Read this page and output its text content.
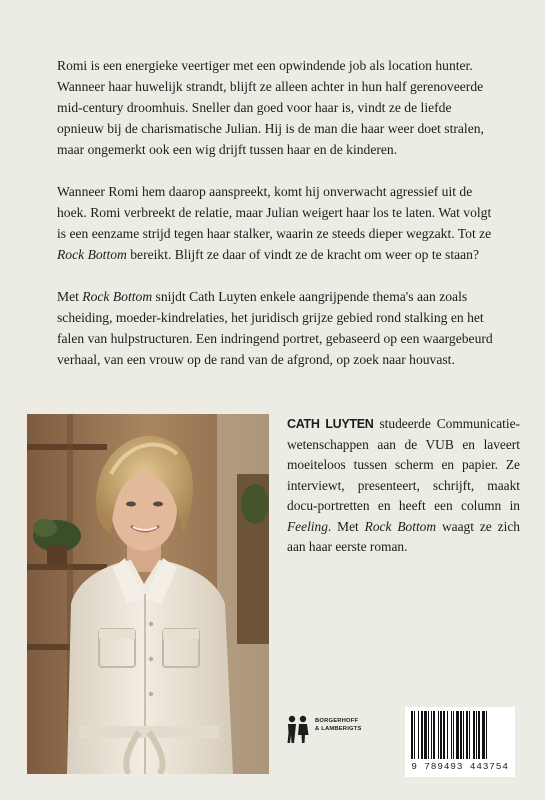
Romi is een energieke veertiger met een opwindende job als location hunter. Wanneer haar huwelijk strandt, blijft ze alleen achter in hun half gerenoveerde mid-century droomhuis. Sneller dan goed voor haar is, vindt ze de liefde opnieuw bij de charismatische Julian. Hij is de man die haar weer doet stralen, maar ongemerkt ook een wig drijft tussen haar en de kinderen.

Wanneer Romi hem daarop aanspreekt, komt hij onverwacht agressief uit de hoek. Romi verbreekt de relatie, maar Julian weigert haar los te laten. Wat volgt is een eenzame strijd tegen haar stalker, waarin ze steeds dieper wegzakt. Tot ze Rock Bottom bereikt. Blijft ze daar of vindt ze de kracht om weer op te staan?

Met Rock Bottom snijdt Cath Luyten enkele aangrijpende thema's aan zoals scheiding, moeder-kindrelaties, het juridisch grijze gebied rond stalking en het falen van hulpstructuren. Een indringend portret, gebaseerd op een waargebeurd verhaal, van een vrouw op de rand van de afgrond, op zoek naar houvast.

CATH LUYTEN studeerde Communicatie-wetenschappen aan de VUB en laveert moeiteloos tussen scherm en papier. Ze interviewt, presenteert, schrijft, maakt docu-portretten en heeft een column in Feeling. Met Rock Bottom waagt ze zich aan haar eerste roman.
BORGERHOFF
& LAMBERIGTS
9 789493 443754
